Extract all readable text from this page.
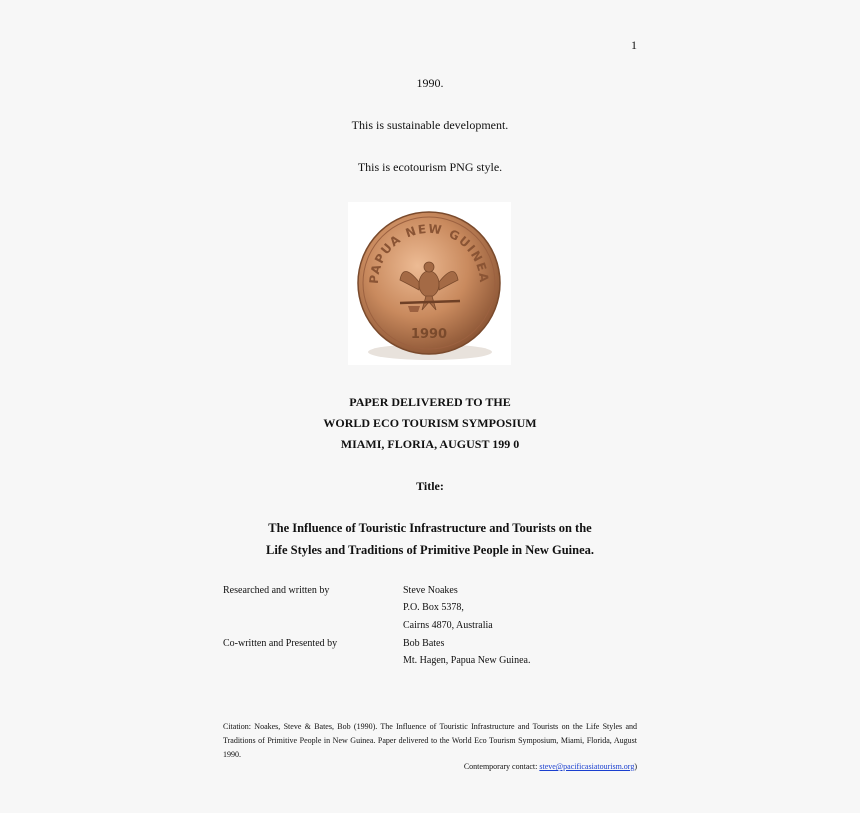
1
1990.
This is sustainable development.
This is ecotourism PNG style.
PAPUA NEW GUINEA
1990
PAPER DELIVERED TO THE
WORLD ECO TOURISM SYMPOSIUM
MIAMI, FLORIA, AUGUST 199 0
Title:
The Influence of Touristic Infrastructure and Tourists on the
Life Styles and Traditions of Primitive People in New Guinea.
Researched and written by	Steve Noakes
P.O. Box 5378,
Cairns 4870, Australia
Co-written and Presented by	Bob Bates
Mt. Hagen, Papua New Guinea.
Citation: Noakes, Steve & Bates, Bob (1990). The Influence of Touristic Infrastructure and Tourists on the Life Styles and Traditions of Primitive People in New Guinea. Paper delivered to the World Eco Tourism Symposium, Miami, Florida, August 1990.
Contemporary contact: steve@pacificasiatourism.org)
